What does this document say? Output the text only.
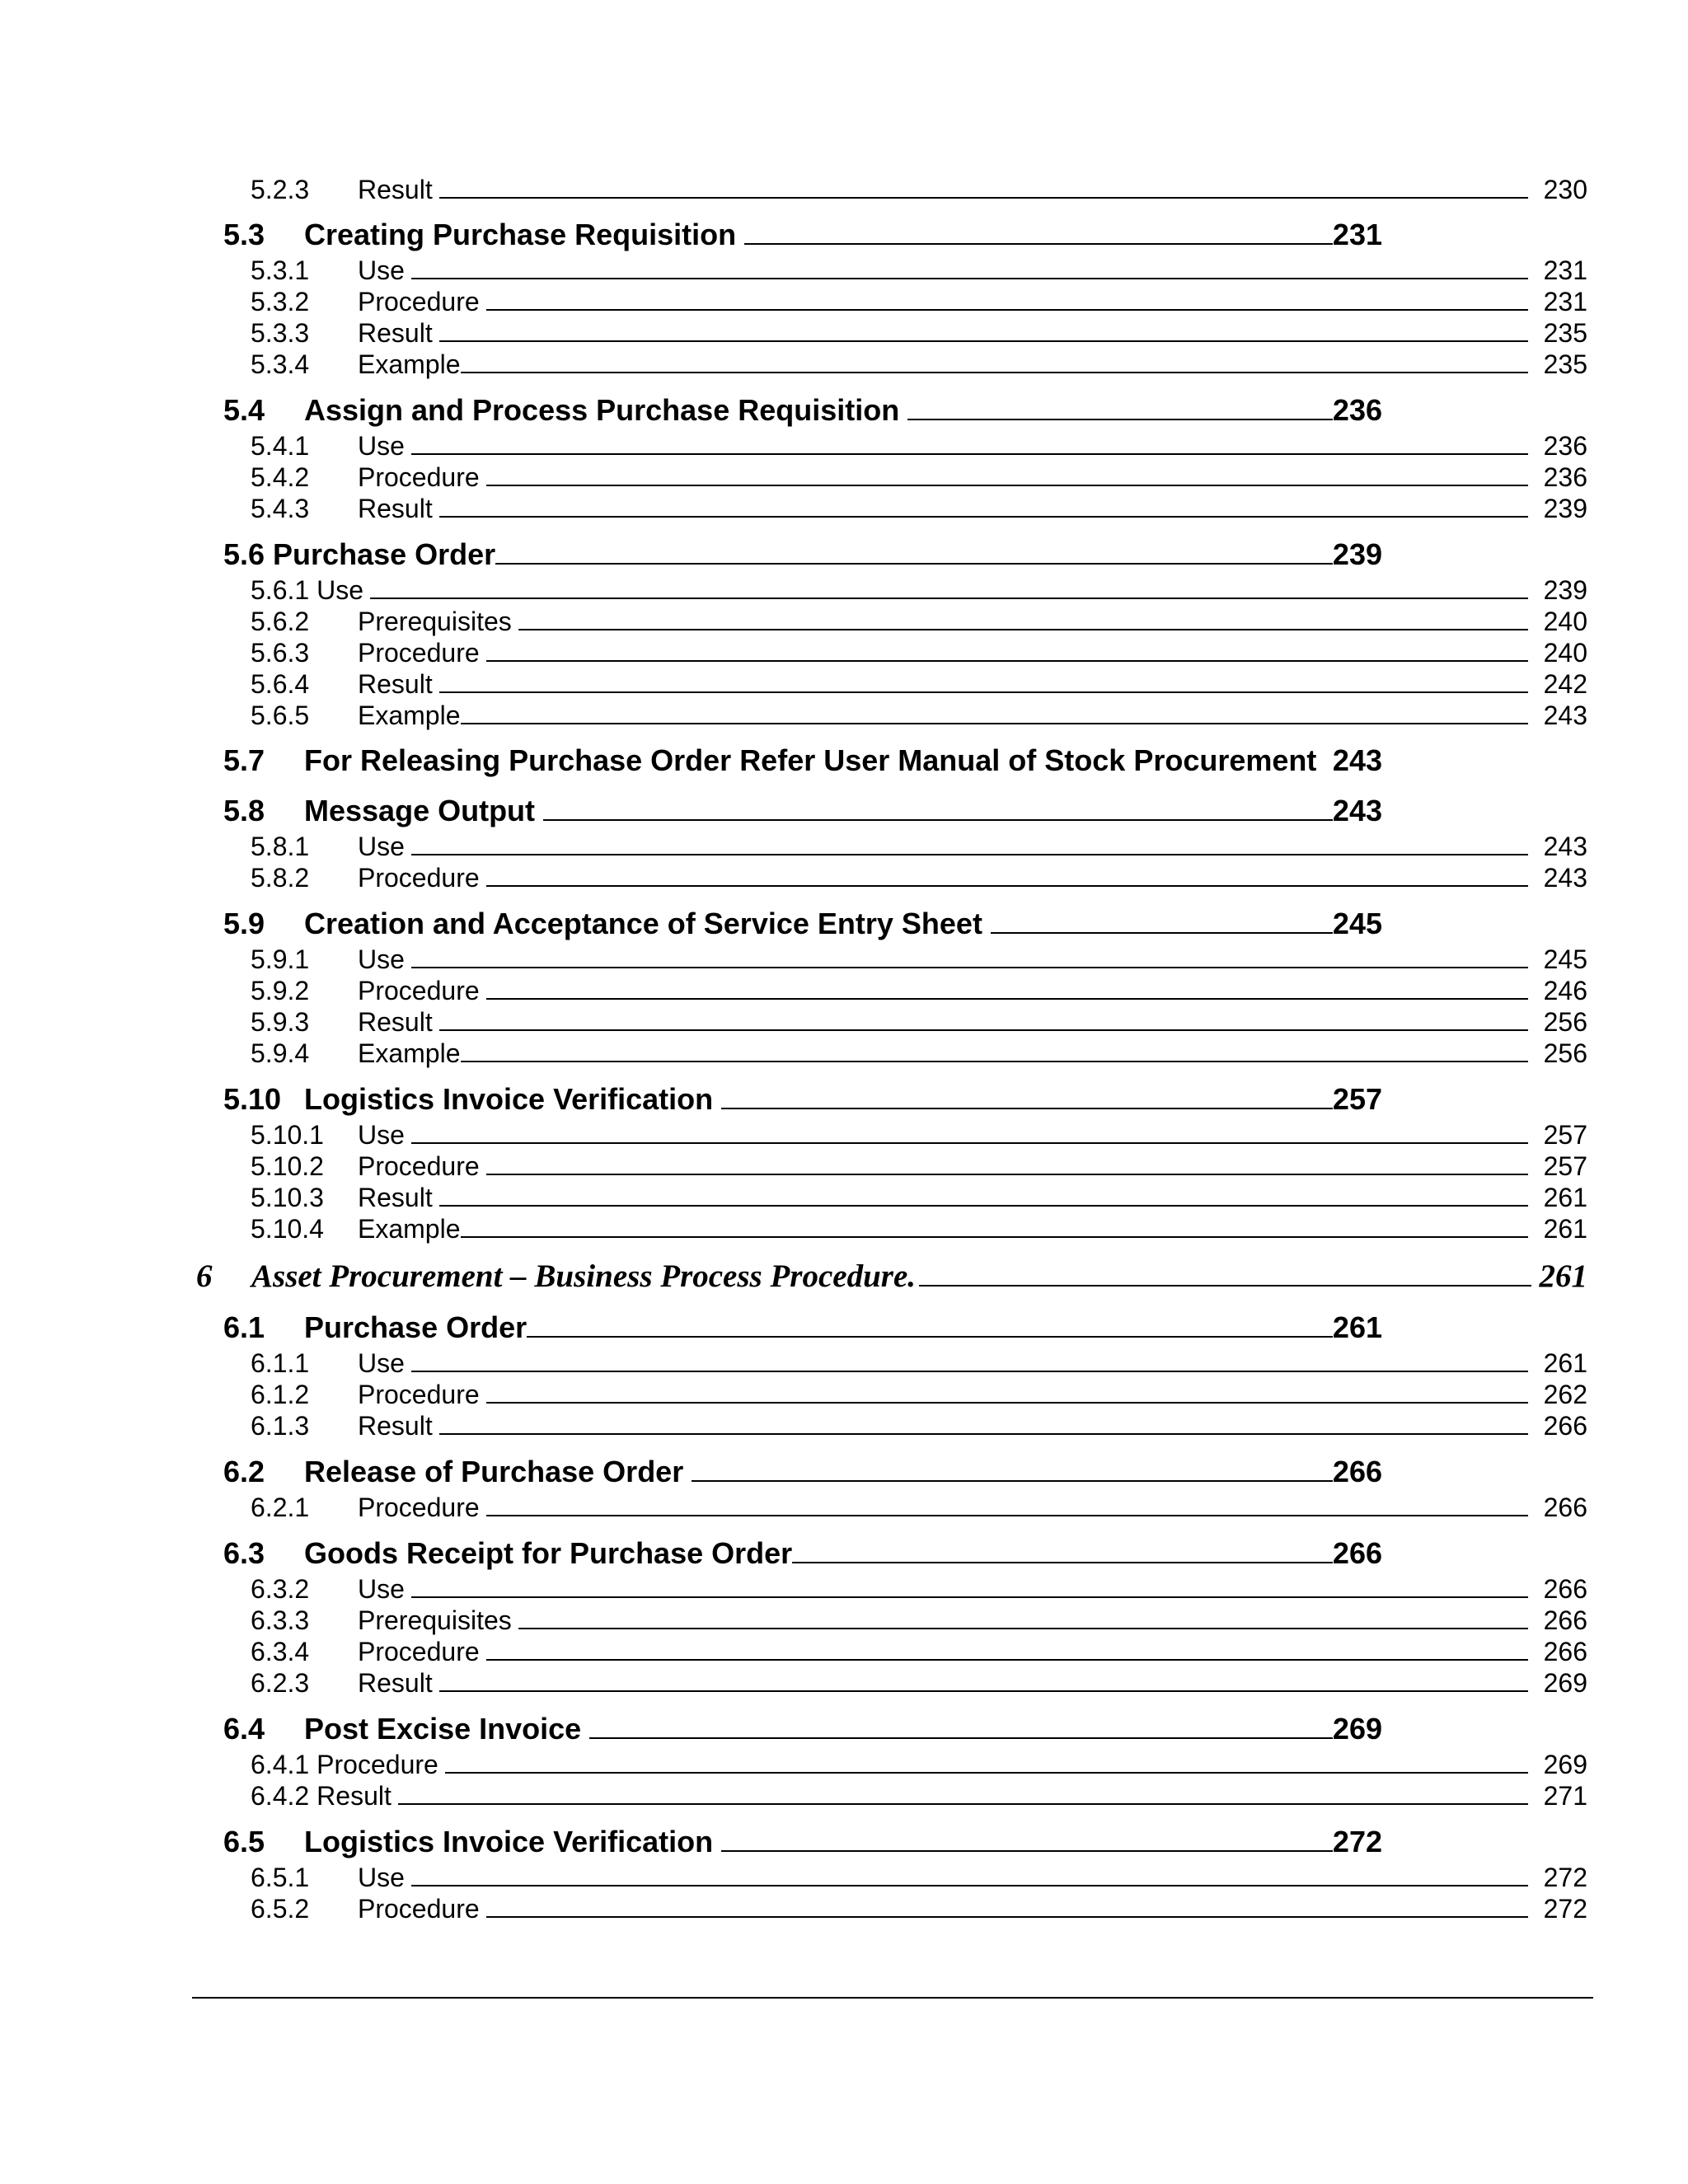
5.2.3	Result	230
5.3	Creating Purchase Requisition	231
5.3.1	Use	231
5.3.2	Procedure	231
5.3.3	Result	235
5.3.4	Example	235
5.4	Assign and Process Purchase Requisition	236
5.4.1	Use	236
5.4.2	Procedure	236
5.4.3	Result	239
5.6 Purchase Order	239
5.6.1 Use	239
5.6.2	Prerequisites	240
5.6.3	Procedure	240
5.6.4	Result	242
5.6.5	Example	243
5.7	For Releasing Purchase Order Refer User Manual of Stock Procurement 243
5.8	Message Output	243
5.8.1	Use	243
5.8.2	Procedure	243
5.9	Creation and Acceptance of Service Entry Sheet	245
5.9.1	Use	245
5.9.2	Procedure	246
5.9.3	Result	256
5.9.4	Example	256
5.10 Logistics Invoice Verification	257
5.10.1	Use	257
5.10.2	Procedure	257
5.10.3	Result	261
5.10.4	Example	261
6	Asset Procurement – Business Process Procedure.	261
6.1	Purchase Order	261
6.1.1	Use	261
6.1.2	Procedure	262
6.1.3	Result	266
6.2	Release of Purchase Order	266
6.2.1	Procedure	266
6.3	Goods Receipt for Purchase Order	266
6.3.2	Use	266
6.3.3	Prerequisites	266
6.3.4	Procedure	266
6.2.3	Result	269
6.4	Post Excise Invoice	269
6.4.1 Procedure	269
6.4.2 Result	271
6.5	Logistics Invoice Verification	272
6.5.1	Use	272
6.5.2	Procedure	272
